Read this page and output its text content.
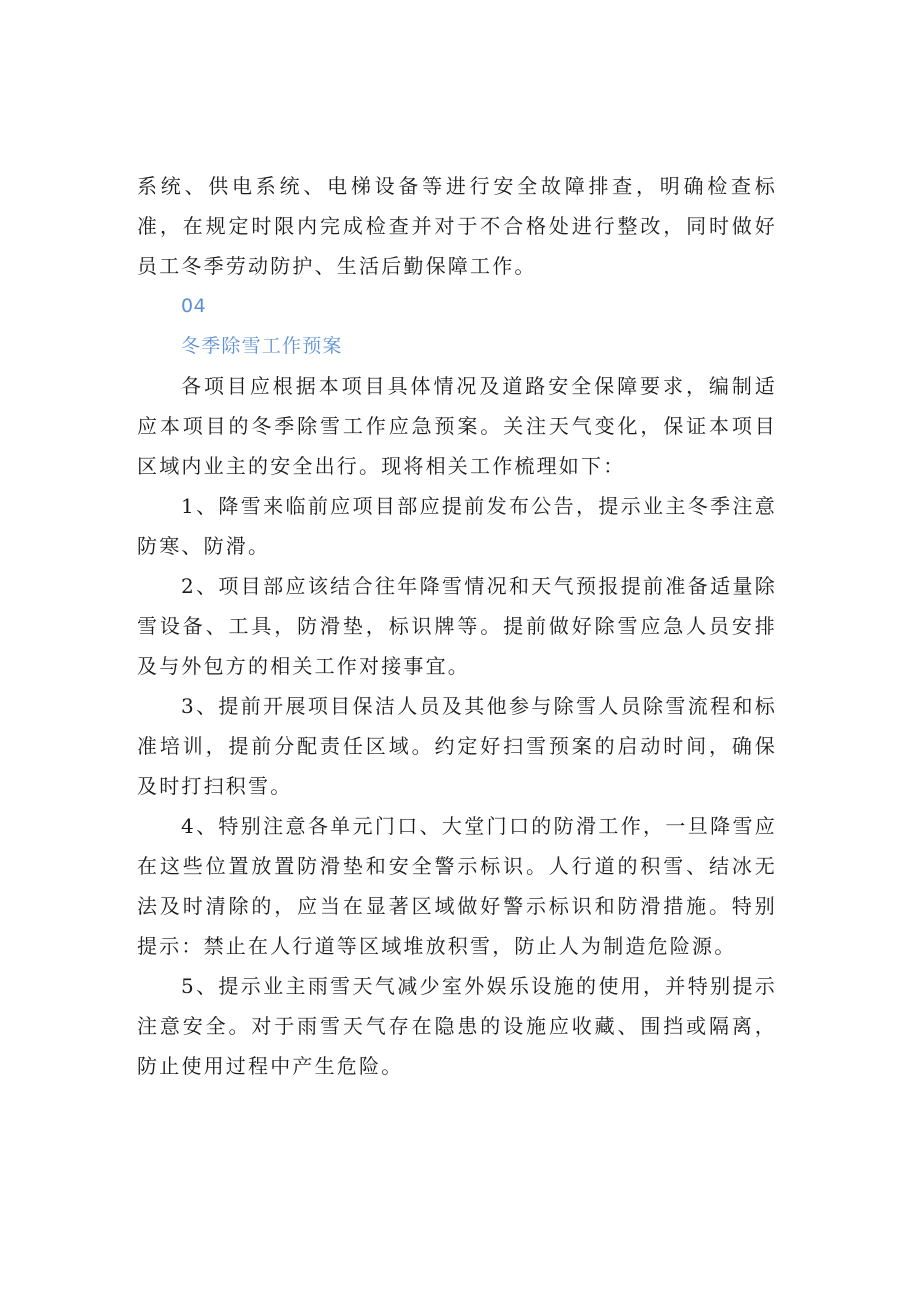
系统、供电系统、电梯设备等进行安全故障排查，明确检查标准，在规定时限内完成检查并对于不合格处进行整改，同时做好员工冬季劳动防护、生活后勤保障工作。

04

冬季除雪工作预案

各项目应根据本项目具体情况及道路安全保障要求，编制适应本项目的冬季除雪工作应急预案。关注天气变化，保证本项目区域内业主的安全出行。现将相关工作梳理如下：

1、降雪来临前应项目部应提前发布公告，提示业主冬季注意防寒、防滑。

2、项目部应该结合往年降雪情况和天气预报提前准备适量除雪设备、工具，防滑垫，标识牌等。提前做好除雪应急人员安排及与外包方的相关工作对接事宜。

3、提前开展项目保洁人员及其他参与除雪人员除雪流程和标准培训，提前分配责任区域。约定好扫雪预案的启动时间，确保及时打扫积雪。

4、特别注意各单元门口、大堂门口的防滑工作，一旦降雪应在这些位置放置防滑垫和安全警示标识。人行道的积雪、结冰无法及时清除的，应当在显著区域做好警示标识和防滑措施。特别提示：禁止在人行道等区域堆放积雪，防止人为制造危险源。

5、提示业主雨雪天气减少室外娱乐设施的使用，并特别提示注意安全。对于雨雪天气存在隐患的设施应收藏、围挡或隔离，防止使用过程中产生危险。
